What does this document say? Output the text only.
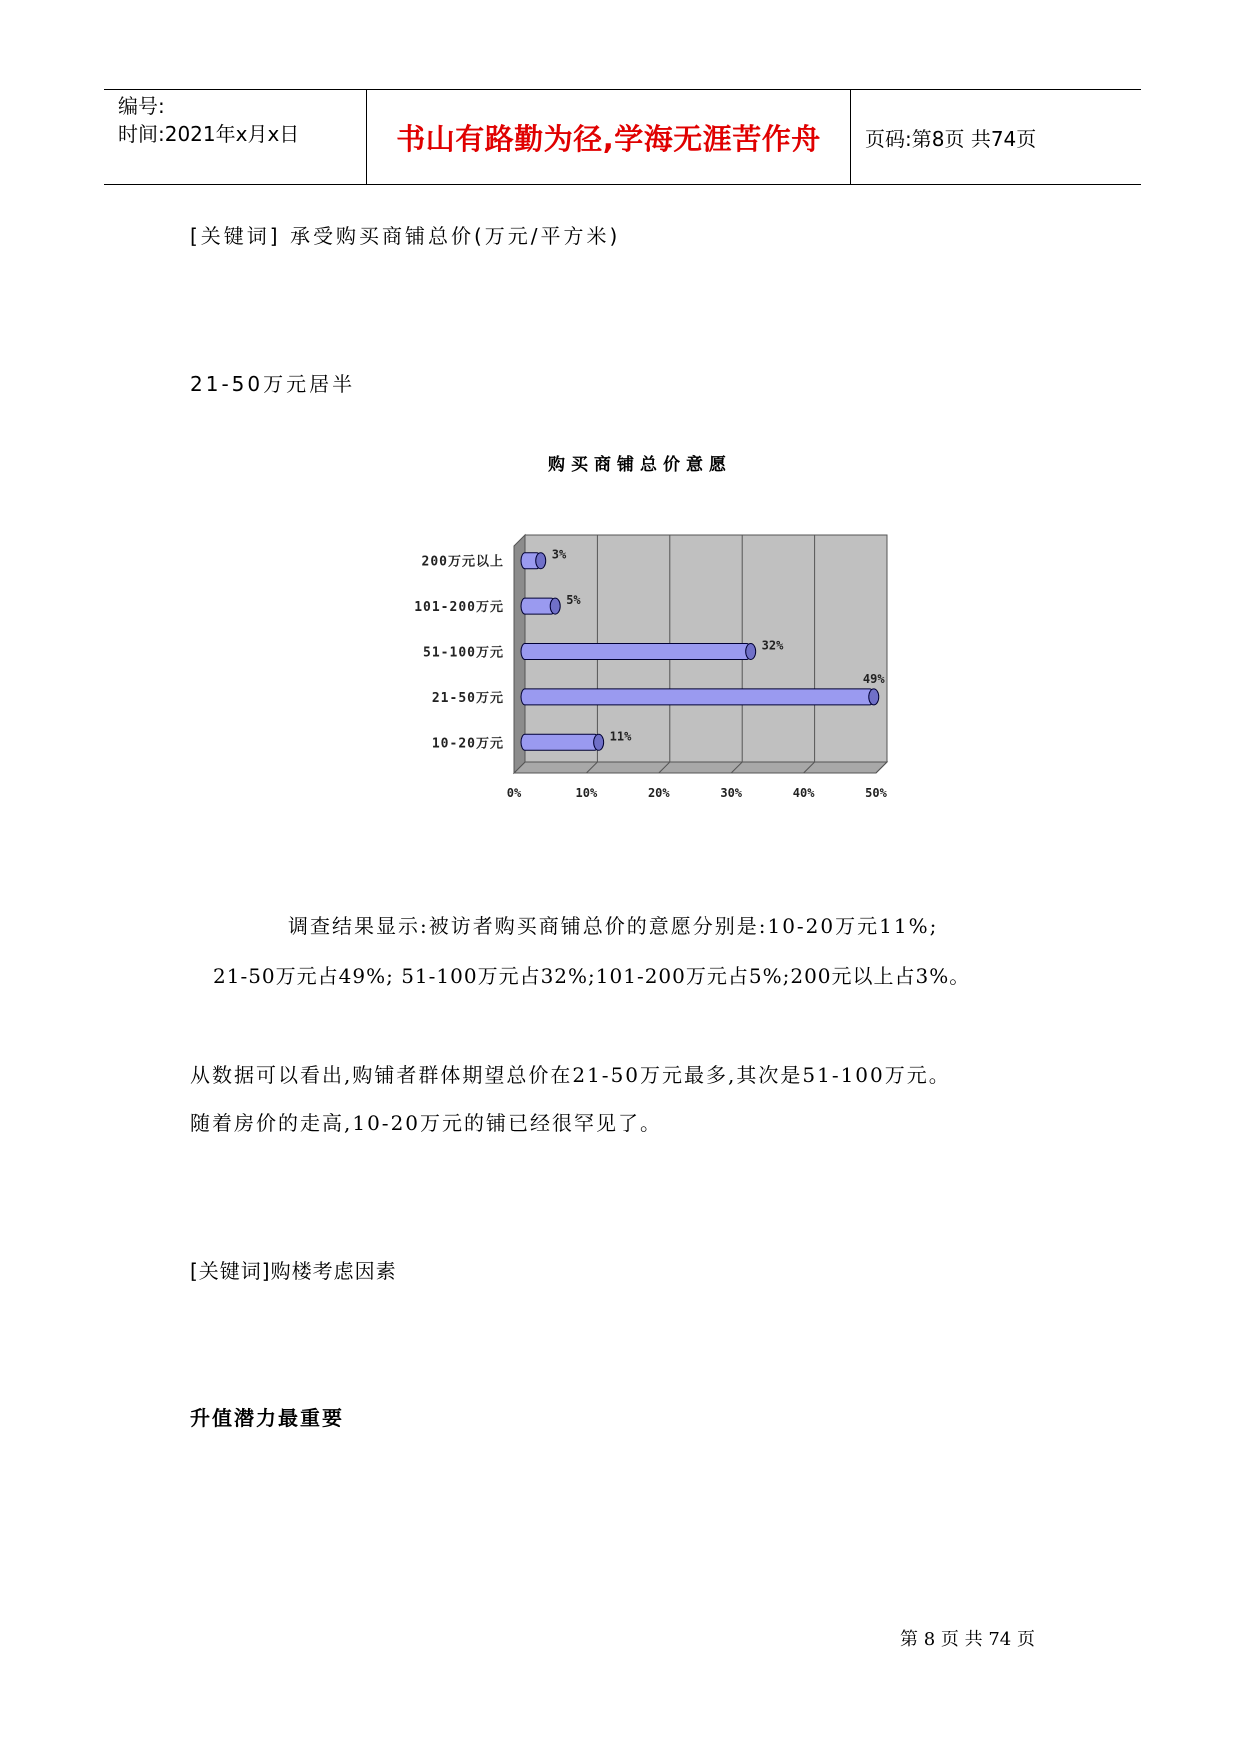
编号:
时间:2021年x月x日	书山有路勤为径,学海无涯苦作舟 页码:第8页 共74页
[关键词] 承受购买商铺总价(万元/平方米)
21-50万元居半
购买商铺总价意愿
0%	10%	20%	30%	40%	50%
10-20万元	11%
21-50万元
49%
51-100万元	32%
101-200万元	5%
200万元以上	3%
调查结果显示:被访者购买商铺总价的意愿分别是:10-20万元11%;
21-50万元占49%; 51-100万元占32%;101-200万元占5%;200元以上占3%。
从数据可以看出,购铺者群体期望总价在21-50万元最多,其次是51-100万元。
随着房价的走高,10-20万元的铺已经很罕见了。
[关键词]购楼考虑因素
升值潜力最重要
第 8 页 共 74 页
